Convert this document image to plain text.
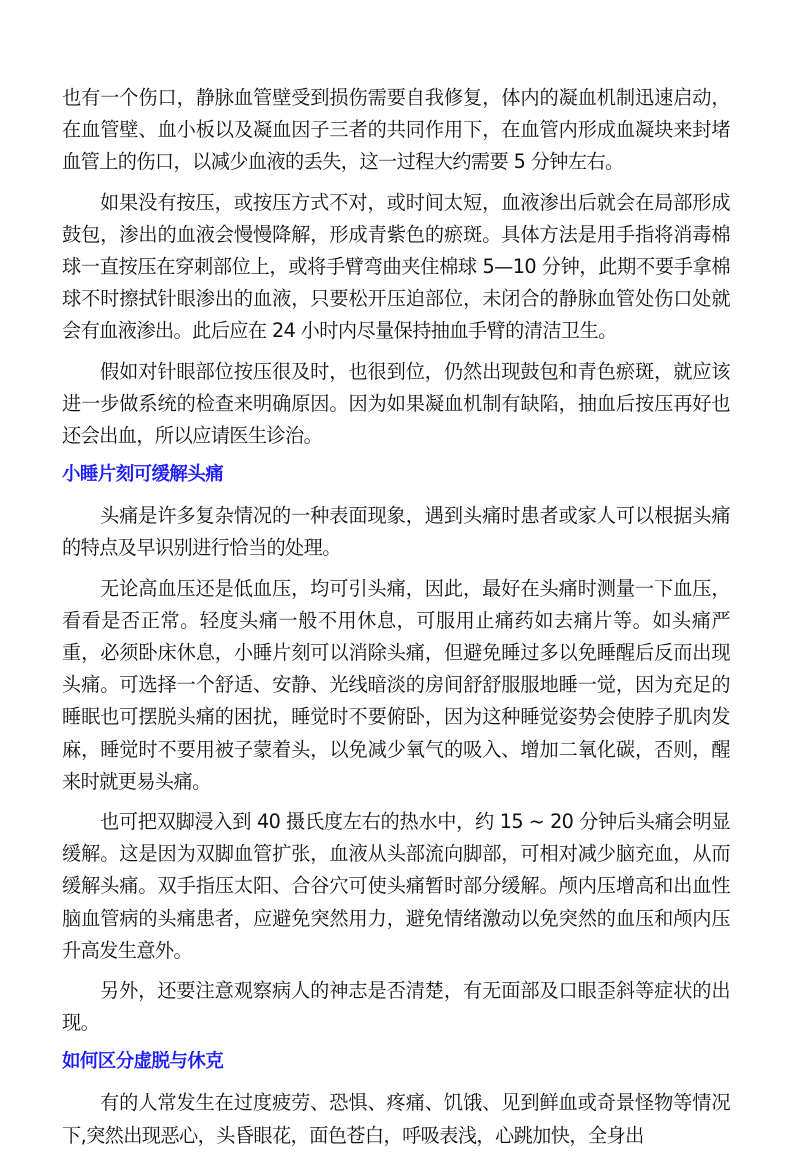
也有一个伤口，静脉血管壁受到损伤需要自我修复，体内的凝血机制迅速启动，在血管壁、血小板以及凝血因子三者的共同作用下，在血管内形成血凝块来封堵血管上的伤口，以减少血液的丢失，这一过程大约需要 5 分钟左右。

如果没有按压，或按压方式不对，或时间太短，血液渗出后就会在局部形成鼓包，渗出的血液会慢慢降解，形成青紫色的瘀斑。具体方法是用手指将消毒棉球一直按压在穿刺部位上，或将手臂弯曲夹住棉球 5—10 分钟，此期不要手拿棉球不时擦拭针眼渗出的血液，只要松开压迫部位，未闭合的静脉血管处伤口处就会有血液渗出。此后应在 24 小时内尽量保持抽血手臂的清洁卫生。

假如对针眼部位按压很及时，也很到位，仍然出现鼓包和青色瘀斑，就应该进一步做系统的检查来明确原因。因为如果凝血机制有缺陷，抽血后按压再好也还会出血，所以应请医生诊治。

小睡片刻可缓解头痛

头痛是许多复杂情况的一种表面现象，遇到头痛时患者或家人可以根据头痛的特点及早识别进行恰当的处理。

无论高血压还是低血压，均可引头痛，因此，最好在头痛时测量一下血压，看看是否正常。轻度头痛一般不用休息，可服用止痛药如去痛片等。如头痛严重，必须卧床休息，小睡片刻可以消除头痛，但避免睡过多以免睡醒后反而出现头痛。可选择一个舒适、安静、光线暗淡的房间舒舒服服地睡一觉，因为充足的睡眠也可摆脱头痛的困扰，睡觉时不要俯卧，因为这种睡觉姿势会使脖子肌肉发麻，睡觉时不要用被子蒙着头，以免减少氧气的吸入、增加二氧化碳，否则，醒来时就更易头痛。

也可把双脚浸入到 40 摄氏度左右的热水中，约 15 ~ 20 分钟后头痛会明显缓解。这是因为双脚血管扩张，血液从头部流向脚部，可相对减少脑充血，从而缓解头痛。双手指压太阳、合谷穴可使头痛暂时部分缓解。颅内压增高和出血性脑血管病的头痛患者，应避免突然用力，避免情绪激动以免突然的血压和颅内压升高发生意外。

另外，还要注意观察病人的神志是否清楚，有无面部及口眼歪斜等症状的出现。

如何区分虚脱与休克

有的人常发生在过度疲劳、恐惧、疼痛、饥饿、见到鲜血或奇景怪物等情况下,突然出现恶心，头昏眼花，面色苍白，呼吸表浅，心跳加快，全身出
